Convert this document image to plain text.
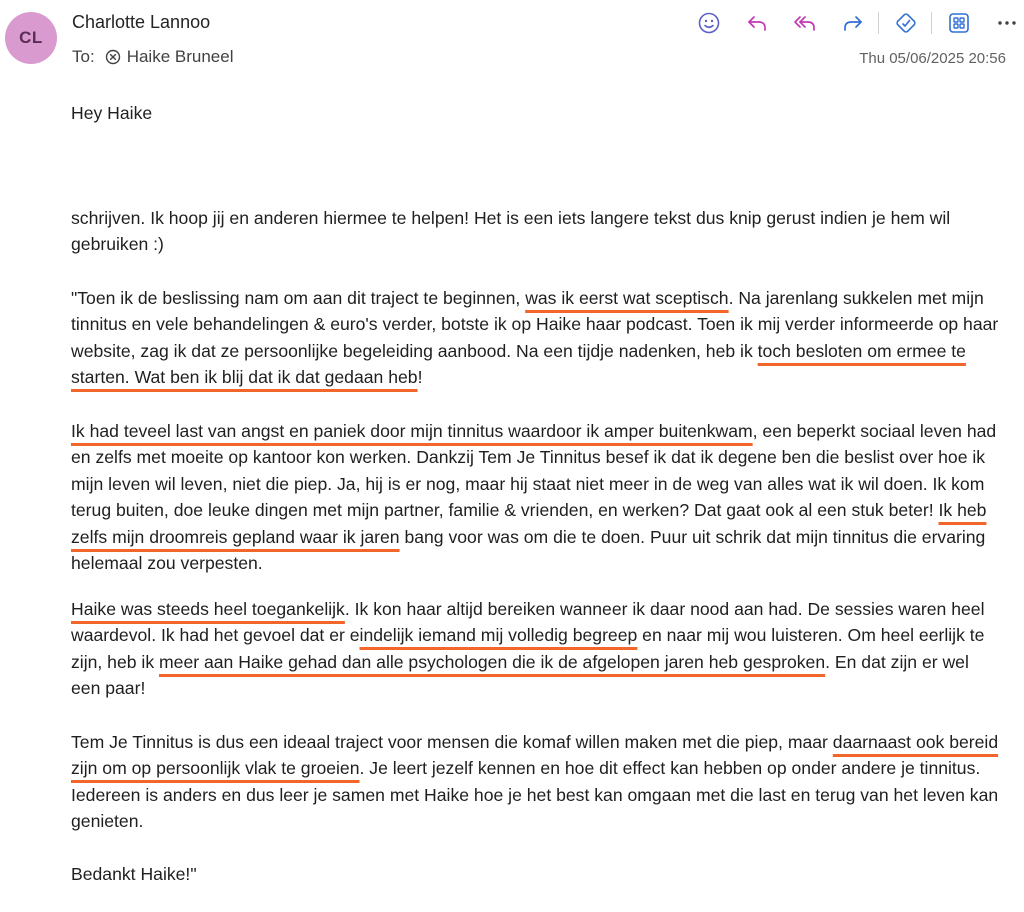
CL
Charlotte Lannoo
To: Haike Bruneel	Thu 05/06/2025 20:56

Hey Haike

schrijven. Ik hoop jij en anderen hiermee te helpen! Het is een iets langere tekst dus knip gerust indien je hem wil gebruiken :)

"Toen ik de beslissing nam om aan dit traject te beginnen, was ik eerst wat sceptisch. Na jarenlang sukkelen met mijn tinnitus en vele behandelingen & euro's verder, botste ik op Haike haar podcast. Toen ik mij verder informeerde op haar website, zag ik dat ze persoonlijke begeleiding aanbood. Na een tijdje nadenken, heb ik toch besloten om ermee te starten. Wat ben ik blij dat ik dat gedaan heb!

Ik had teveel last van angst en paniek door mijn tinnitus waardoor ik amper buitenkwam, een beperkt sociaal leven had en zelfs met moeite op kantoor kon werken. Dankzij Tem Je Tinnitus besef ik dat ik degene ben die beslist over hoe ik mijn leven wil leven, niet die piep. Ja, hij is er nog, maar hij staat niet meer in de weg van alles wat ik wil doen. Ik kom terug buiten, doe leuke dingen met mijn partner, familie & vrienden, en werken? Dat gaat ook al een stuk beter! Ik heb zelfs mijn droomreis gepland waar ik jaren bang voor was om die te doen. Puur uit schrik dat mijn tinnitus die ervaring helemaal zou verpesten.

Haike was steeds heel toegankelijk. Ik kon haar altijd bereiken wanneer ik daar nood aan had. De sessies waren heel waardevol. Ik had het gevoel dat er eindelijk iemand mij volledig begreep en naar mij wou luisteren. Om heel eerlijk te zijn, heb ik meer aan Haike gehad dan alle psychologen die ik de afgelopen jaren heb gesproken. En dat zijn er wel een paar!

Tem Je Tinnitus is dus een ideaal traject voor mensen die komaf willen maken met die piep, maar daarnaast ook bereid zijn om op persoonlijk vlak te groeien. Je leert jezelf kennen en hoe dit effect kan hebben op onder andere je tinnitus. Iedereen is anders en dus leer je samen met Haike hoe je het best kan omgaan met die last en terug van het leven kan genieten.

Bedankt Haike!"
